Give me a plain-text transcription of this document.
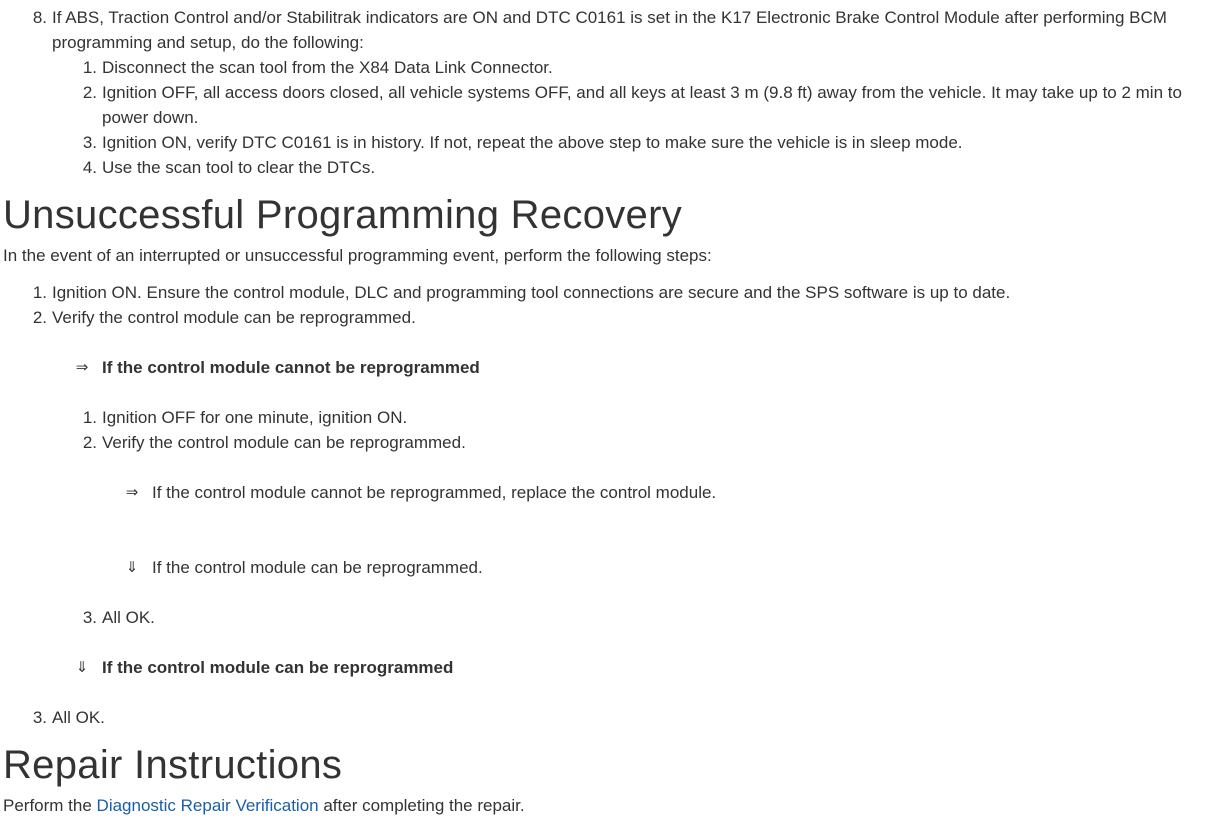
8. If ABS, Traction Control and/or Stabilitrak indicators are ON and DTC C0161 is set in the K17 Electronic Brake Control Module after performing BCM
programming and setup, do the following:
1. Disconnect the scan tool from the X84 Data Link Connector.
2. Ignition OFF, all access doors closed, all vehicle systems OFF, and all keys at least 3 m (9.8 ft) away from the vehicle. It may take up to 2 min to
power down.
3. Ignition ON, verify DTC C0161 is in history. If not, repeat the above step to make sure the vehicle is in sleep mode.
4. Use the scan tool to clear the DTCs.
Unsuccessful Programming Recovery
In the event of an interrupted or unsuccessful programming event, perform the following steps:
1. Ignition ON. Ensure the control module, DLC and programming tool connections are secure and the SPS software is up to date.
2. Verify the control module can be reprogrammed.
⇒ If the control module cannot be reprogrammed
1. Ignition OFF for one minute, ignition ON.
2. Verify the control module can be reprogrammed.
⇒ If the control module cannot be reprogrammed, replace the control module.
⇓ If the control module can be reprogrammed.
3. All OK.
⇓ If the control module can be reprogrammed
3. All OK.
Repair Instructions
Perform the Diagnostic Repair Verification after completing the repair.
